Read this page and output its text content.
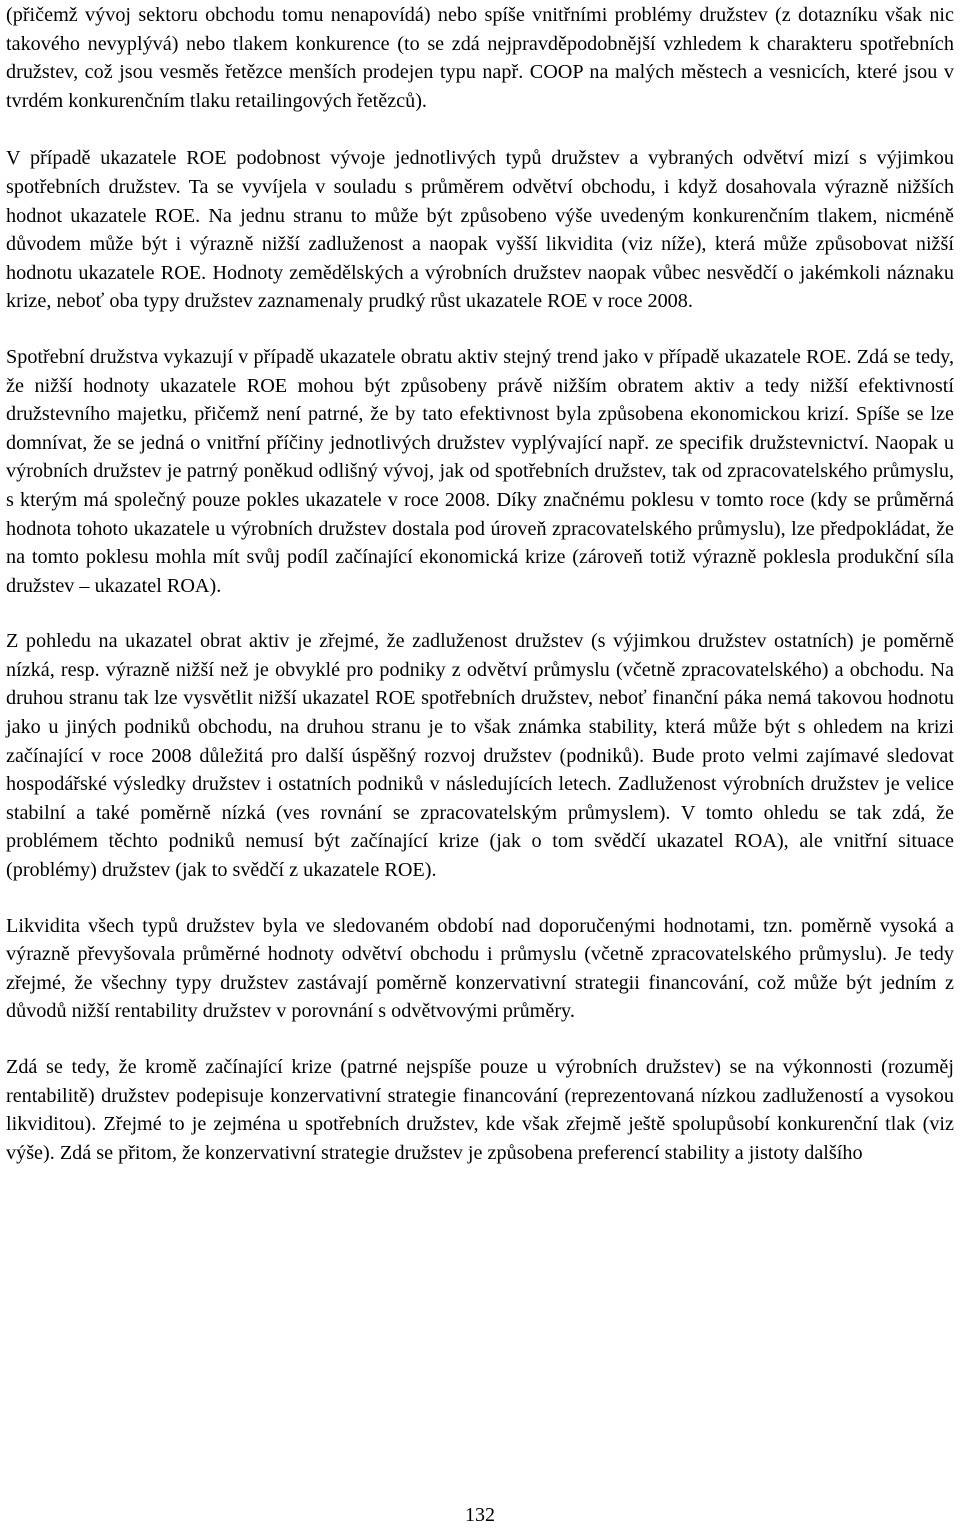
(přičemž vývoj sektoru obchodu tomu nenapovídá) nebo spíše vnitřními problémy družstev (z dotazníku však nic takového nevyplývá) nebo tlakem konkurence (to se zdá nejpravděpodobnější vzhledem k charakteru spotřebních družstev, což jsou vesměs řetězce menších prodejen typu např. COOP na malých městech a vesnicích, které jsou v tvrdém konkurenčním tlaku retailingových řetězců).

V případě ukazatele ROE podobnost vývoje jednotlivých typů družstev a vybraných odvětví mizí s výjimkou spotřebních družstev. Ta se vyvíjela v souladu s průměrem odvětví obchodu, i když dosahovala výrazně nižších hodnot ukazatele ROE. Na jednu stranu to může být způsobeno výše uvedeným konkurenčním tlakem, nicméně důvodem může být i výrazně nižší zadluženost a naopak vyšší likvidita (viz níže), která může způsobovat nižší hodnotu ukazatele ROE. Hodnoty zemědělských a výrobních družstev naopak vůbec nesvědčí o jakémkoli náznaku krize, neboť oba typy družstev zaznamenaly prudký růst ukazatele ROE v roce 2008.

Spotřební družstva vykazují v případě ukazatele obratu aktiv stejný trend jako v případě ukazatele ROE. Zdá se tedy, že nižší hodnoty ukazatele ROE mohou být způsobeny právě nižším obratem aktiv a tedy nižší efektivností družstevního majetku, přičemž není patrné, že by tato efektivnost byla způsobena ekonomickou krizí. Spíše se lze domnívat, že se jedná o vnitřní příčiny jednotlivých družstev vyplývající např. ze specifik družstevnictví. Naopak u výrobních družstev je patrný poněkud odlišný vývoj, jak od spotřebních družstev, tak od zpracovatelského průmyslu, s kterým má společný pouze pokles ukazatele v roce 2008. Díky značnému poklesu v tomto roce (kdy se průměrná hodnota tohoto ukazatele u výrobních družstev dostala pod úroveň zpracovatelského průmyslu), lze předpokládat, že na tomto poklesu mohla mít svůj podíl začínající ekonomická krize (zároveň totiž výrazně poklesla produkční síla družstev – ukazatel ROA).

Z pohledu na ukazatel obrat aktiv je zřejmé, že zadluženost družstev (s výjimkou družstev ostatních) je poměrně nízká, resp. výrazně nižší než je obvyklé pro podniky z odvětví průmyslu (včetně zpracovatelského) a obchodu. Na druhou stranu tak lze vysvětlit nižší ukazatel ROE spotřebních družstev, neboť finanční páka nemá takovou hodnotu jako u jiných podniků obchodu, na druhou stranu je to však známka stability, která může být s ohledem na krizi začínající v roce 2008 důležitá pro další úspěšný rozvoj družstev (podniků). Bude proto velmi zajímavé sledovat hospodářské výsledky družstev i ostatních podniků v následujících letech. Zadluženost výrobních družstev je velice stabilní a také poměrně nízká (ves rovnání se zpracovatelským průmyslem). V tomto ohledu se tak zdá, že problémem těchto podniků nemusí být začínající krize (jak o tom svědčí ukazatel ROA), ale vnitřní situace (problémy) družstev (jak to svědčí z ukazatele ROE).

Likvidita všech typů družstev byla ve sledovaném období nad doporučenými hodnotami, tzn. poměrně vysoká a výrazně převyšovala průměrné hodnoty odvětví obchodu i průmyslu (včetně zpracovatelského průmyslu). Je tedy zřejmé, že všechny typy družstev zastávají poměrně konzervativní strategii financování, což může být jedním z důvodů nižší rentability družstev v porovnání s odvětvovými průměry.

Zdá se tedy, že kromě začínající krize (patrné nejspíše pouze u výrobních družstev) se na výkonnosti (rozuměj rentabilitě) družstev podepisuje konzervativní strategie financování (reprezentovaná nízkou zadlužeností a vysokou likviditou). Zřejmé to je zejména u spotřebních družstev, kde však zřejmě ještě spolupůsobí konkurenční tlak (viz výše). Zdá se přitom, že konzervativní strategie družstev je způsobena preferencí stability a jistoty dalšího

132
